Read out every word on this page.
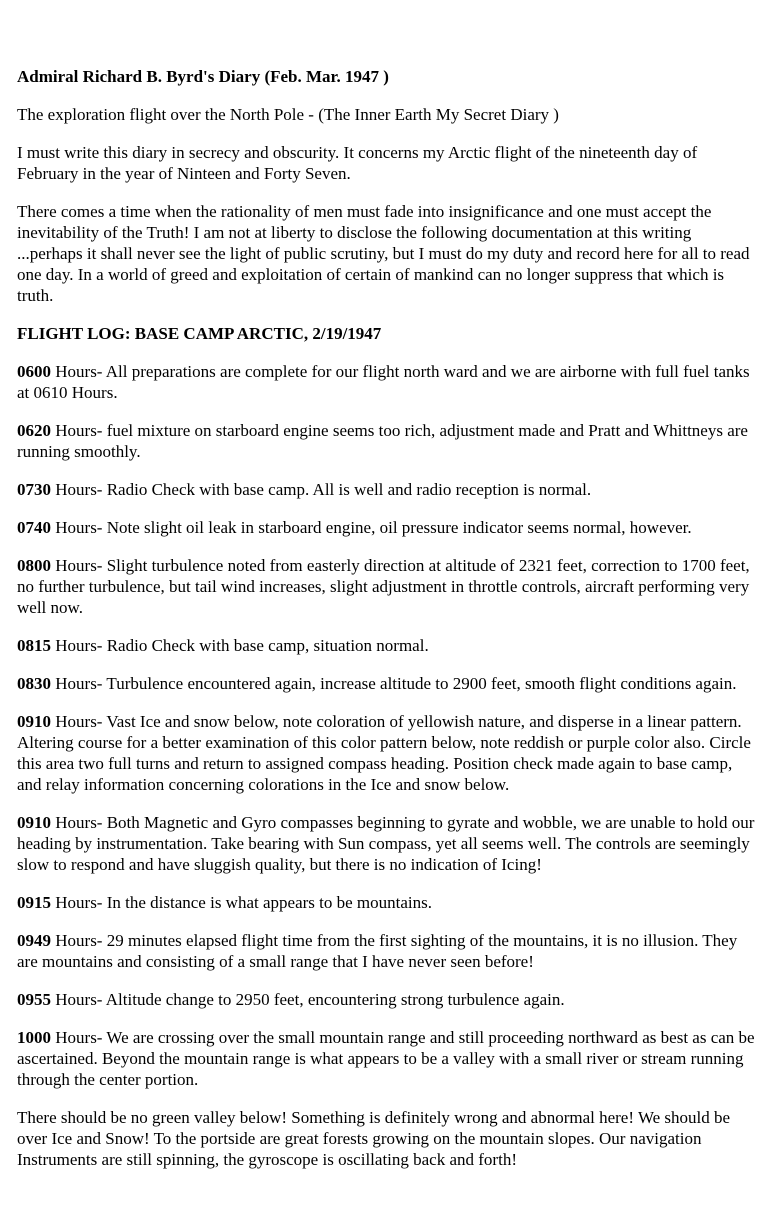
Admiral Richard B. Byrd's Diary (Feb. Mar. 1947 )

The exploration flight over the North Pole - (The Inner Earth My Secret Diary )

I must write this diary in secrecy and obscurity. It concerns my Arctic flight of the nineteenth day of February in the year of Ninteen and Forty Seven.

There comes a time when the rationality of men must fade into insignificance and one must accept the inevitability of the Truth! I am not at liberty to disclose the following documentation at this writing ...perhaps it shall never see the light of public scrutiny, but I must do my duty and record here for all to read one day. In a world of greed and exploitation of certain of mankind can no longer suppress that which is truth.

FLIGHT LOG: BASE CAMP ARCTIC, 2/19/1947

0600 Hours- All preparations are complete for our flight north ward and we are airborne with full fuel tanks at 0610 Hours.

0620 Hours- fuel mixture on starboard engine seems too rich, adjustment made and Pratt and Whittneys are running smoothly.

0730 Hours- Radio Check with base camp. All is well and radio reception is normal.

0740 Hours- Note slight oil leak in starboard engine, oil pressure indicator seems normal, however.

0800 Hours- Slight turbulence noted from easterly direction at altitude of 2321 feet, correction to 1700 feet, no further turbulence, but tail wind increases, slight adjustment in throttle controls, aircraft performing very well now.

0815 Hours- Radio Check with base camp, situation normal.

0830 Hours- Turbulence encountered again, increase altitude to 2900 feet, smooth flight conditions again.

0910 Hours- Vast Ice and snow below, note coloration of yellowish nature, and disperse in a linear pattern. Altering course for a better examination of this color pattern below, note reddish or purple color also. Circle this area two full turns and return to assigned compass heading. Position check made again to base camp, and relay information concerning colorations in the Ice and snow below.

0910 Hours- Both Magnetic and Gyro compasses beginning to gyrate and wobble, we are unable to hold our heading by instrumentation. Take bearing with Sun compass, yet all seems well. The controls are seemingly slow to respond and have sluggish quality, but there is no indication of Icing!

0915 Hours- In the distance is what appears to be mountains.

0949 Hours- 29 minutes elapsed flight time from the first sighting of the mountains, it is no illusion. They are mountains and consisting of a small range that I have never seen before!

0955 Hours- Altitude change to 2950 feet, encountering strong turbulence again.

1000 Hours- We are crossing over the small mountain range and still proceeding northward as best as can be ascertained. Beyond the mountain range is what appears to be a valley with a small river or stream running through the center portion.

There should be no green valley below! Something is definitely wrong and abnormal here! We should be over Ice and Snow! To the portside are great forests growing on the mountain slopes. Our navigation Instruments are still spinning, the gyroscope is oscillating back and forth!
